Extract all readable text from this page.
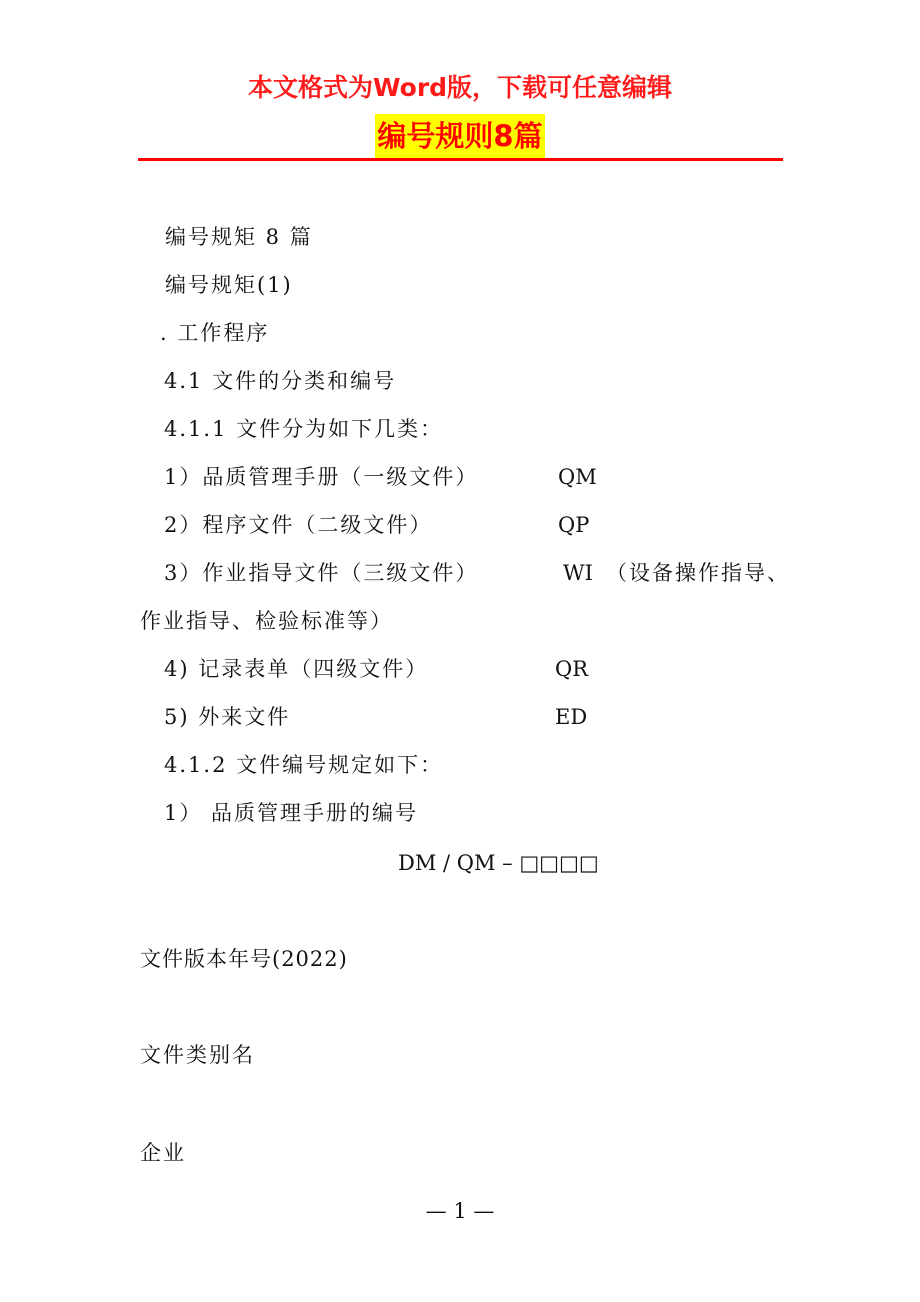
本文格式为Word版，下载可任意编辑
编号规则8篇
编号规矩 8 篇
编号规矩(1)
. 工作程序
4.1 文件的分类和编号
4.1.1 文件分为如下几类：
1）品质管理手册（一级文件）	QM
2）程序文件（二级文件）	QP
3）作业指导文件（三级文件）	WI （设备操作指导、
作业指导、检验标准等）
4) 记录表单（四级文件）	QR
5) 外来文件	ED
4.1.2 文件编号规定如下：
1） 品质管理手册的编号
DM / QM – □□□□
文件版本年号(2022)
文件类别名
企业
— 1 —
